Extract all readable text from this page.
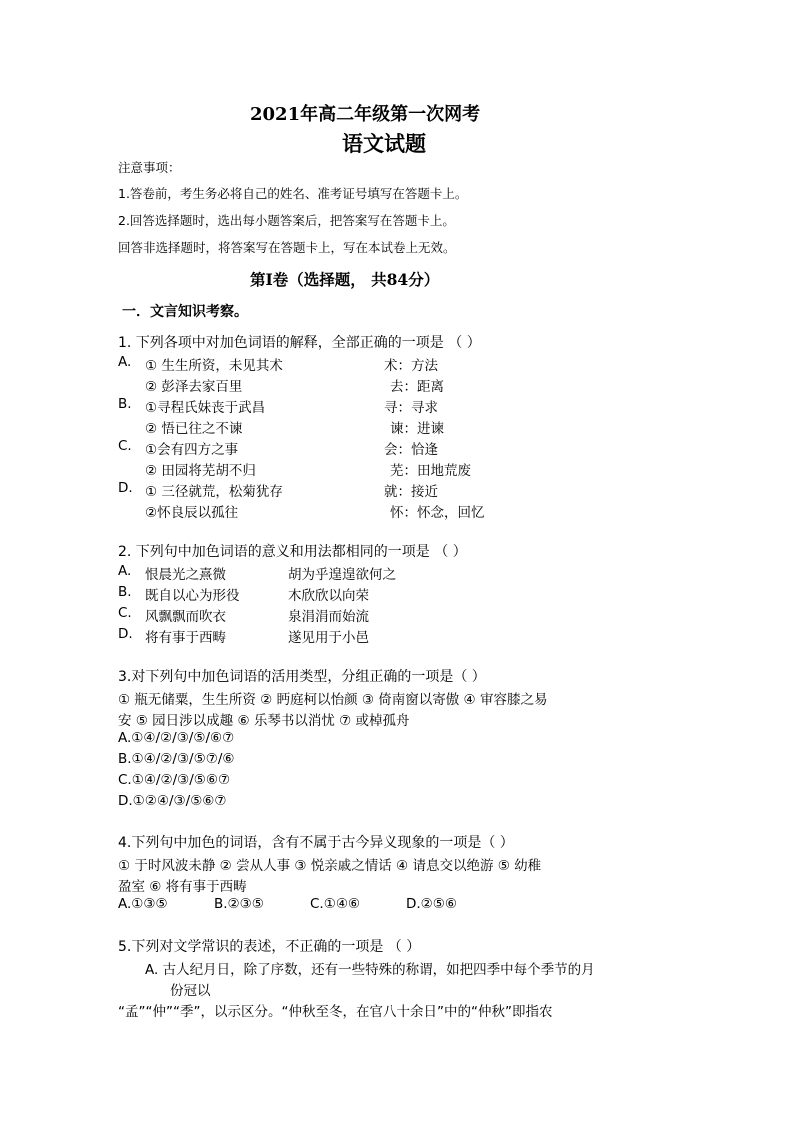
2021年高二年级第一次网考
语文试题
注意事项：
1.答卷前，考生务必将自己的姓名、准考证号填写在答题卡上。
2.回答选择题时，选出每小题答案后，把答案写在答题卡上。
回答非选择题时，将答案写在答题卡上，写在本试卷上无效。
第Ⅰ卷（选择题， 共84分）
一．文言知识考察。
1. 下列各项中对加色词语的解释，全部正确的一项是 （ ）
A. ① 生生所资，未见其术	术：方法
② 彭泽去家百里	去：距离
B. ①寻程氏妹丧于武昌	寻：寻求
② 悟已往之不谏	谏：进谏
C. ①会有四方之事	会：恰逢
② 田园将芜胡不归	芜：田地荒废
D. ① 三径就荒，松菊犹存	就：接近
②怀良辰以孤往	怀：怀念，回忆
2. 下列句中加色词语的意义和用法都相同的一项是 （ ）
A. 恨晨光之熹微	胡为乎遑遑欲何之
B. 既自以心为形役	木欣欣以向荣
C. 风飘飘而吹衣	泉涓涓而始流
D. 将有事于西畴	遂见用于小邑
3.对下列句中加色词语的活用类型，分组正确的一项是（ ）
① 瓶无储粟，生生所资 ② 眄庭柯以怡颜 ③ 倚南窗以寄傲 ④ 审容膝之易
安 ⑤ 园日涉以成趣 ⑥ 乐琴书以消忧 ⑦ 或棹孤舟
A.①④/②/③/⑤/⑥⑦
B.①④/②/③/⑤⑦/⑥
C.①④/②/③/⑤⑥⑦
D.①②④/③/⑤⑥⑦
4.下列句中加色的词语，含有不属于古今异义现象的一项是（ ）
① 于时风波未静 ② 尝从人事 ③ 悦亲戚之情话 ④ 请息交以绝游 ⑤ 幼稚
盈室 ⑥ 将有事于西畴
A.①③⑤	B.②③⑤	C.①④⑥	D.②⑤⑥
5.下列对文学常识的表述，不正确的一项是 （ ）
A. 古人纪月日，除了序数，还有一些特殊的称谓，如把四季中每个季节的月
份冠以
“孟”“仲”“季”，以示区分。“仲秋至冬，在官八十余日”中的“仲秋”即指农
